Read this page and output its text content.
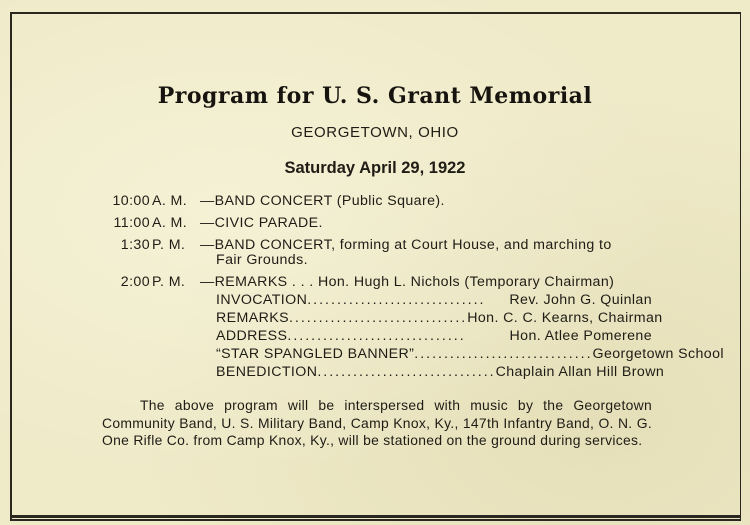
Program for U. S. Grant Memorial
GEORGETOWN, OHIO
Saturday April 29, 1922
10:00 A. M. —BAND CONCERT (Public Square).
11:00 A. M. —CIVIC PARADE.
1:30 P. M. —BAND CONCERT, forming at Court House, and marching to
Fair Grounds.
2:00 P. M. —REMARKS . . . Hon. Hugh L. Nichols (Temporary Chairman)
INVOCATION ..............................	Rev. John G. Quinlan
REMARKS .............................. Hon. C. C. Kearns, Chairman
ADDRESS ..............................	Hon. Atlee Pomerene
“STAR SPANGLED BANNER” .............................. Georgetown School
BENEDICTION .............................. Chaplain Allan Hill Brown
The above program will be interspersed with music by the Georgetown Community Band, U. S. Military Band, Camp Knox, Ky., 147th Infantry Band, O. N. G. One Rifle Co. from Camp Knox, Ky., will be stationed on the ground during services.
